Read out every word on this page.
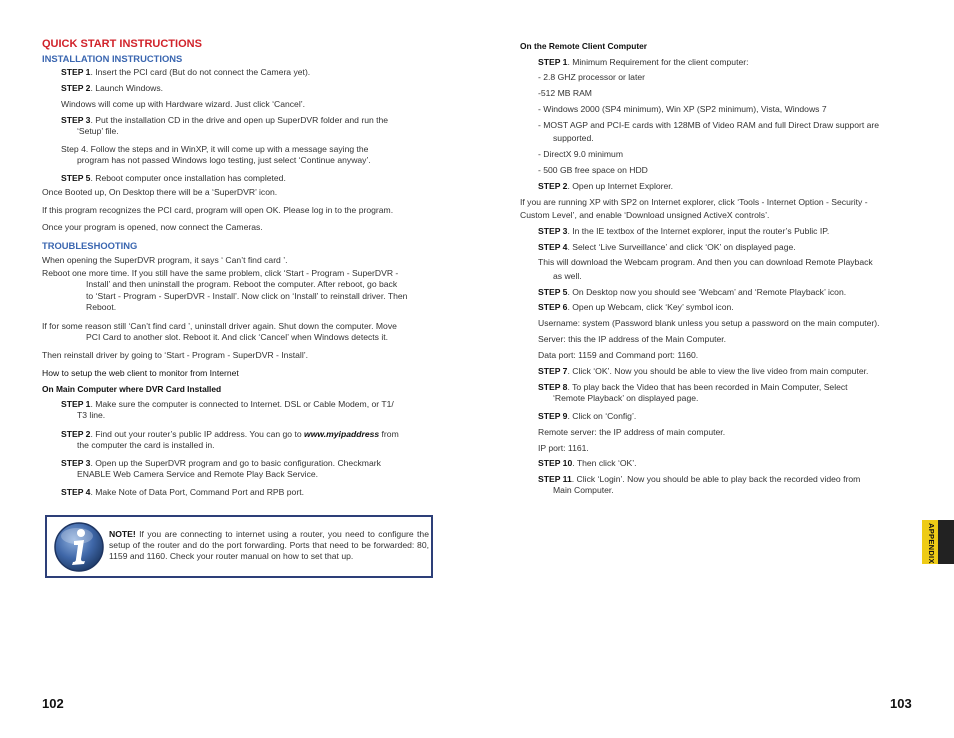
QUICK START INSTRUCTIONS
INSTALLATION INSTRUCTIONS
STEP 1. Insert the PCI card (But do not connect the Camera yet).
STEP 2. Launch Windows.
Windows will come up with Hardware wizard. Just click ‘Cancel’.
STEP 3. Put the installation CD in the drive and open up SuperDVR folder and run the
‘Setup’ file.
Step 4. Follow the steps and in WinXP, it will come up with a message saying the
program has not passed Windows logo testing, just select ‘Continue anyway’.
STEP 5. Reboot computer once installation has completed.
Once Booted up, On Desktop there will be a ‘SuperDVR’ icon.
If this program recognizes the PCI card, program will open OK. Please log in to the program.
Once your program is opened, now connect the Cameras.
TROUBLESHOOTING
When opening the SuperDVR program, it says ‘ Can’t find card ’.
Reboot one more time. If you still have the same problem, click ‘Start - Program - SuperDVR -
Install’ and then uninstall the program. Reboot the computer. After reboot, go back
to ‘Start - Program - SuperDVR - Install’. Now click on ‘Install’ to reinstall driver. Then
Reboot.
If for some reason still ‘Can’t find card ’, uninstall driver again. Shut down the computer. Move
PCI Card to another slot. Reboot it. And click ‘Cancel’ when Windows detects it.
Then reinstall driver by going to ‘Start - Program - SuperDVR - Install’.
How to setup the web client to monitor from Internet
On Main Computer where DVR Card Installed
STEP 1. Make sure the computer is connected to Internet. DSL or Cable Modem, or T1/
T3 line.
STEP 2. Find out your router’s public IP address. You can go to www.myipaddress from
the computer the card is installed in.
STEP 3. Open up the SuperDVR program and go to basic configuration. Checkmark
ENABLE Web Camera Service and Remote Play Back Service.
STEP 4. Make Note of Data Port, Command Port and RPB port.
NOTE! If you are connecting to internet using a router, you need to configure the setup of the router and do the port forwarding. Ports that need to be forwarded: 80, 1159 and 1160. Check your router manual on how to set that up.
102
On the Remote Client Computer
STEP 1. Minimum Requirement for the client computer:
- 2.8 GHZ processor or later
-512 MB RAM
- Windows 2000 (SP4 minimum), Win XP (SP2 minimum), Vista, Windows 7
- MOST AGP and PCI-E cards with 128MB of Video RAM and full Direct Draw support are
supported.
- DirectX 9.0 minimum
- 500 GB free space on HDD
STEP 2. Open up Internet Explorer.
If you are running XP with SP2 on Internet explorer, click ‘Tools - Internet Option - Security -
Custom Level’, and enable ‘Download unsigned ActiveX controls’.
STEP 3. In the IE textbox of the Internet explorer, input the router’s Public IP.
STEP 4. Select ‘Live Surveillance’ and click ‘OK’ on displayed page.
This will download the Webcam program. And then you can download Remote Playback
as well.
STEP 5. On Desktop now you should see ‘Webcam’ and ‘Remote Playback’ icon.
STEP 6. Open up Webcam, click ‘Key’ symbol icon.
Username: system (Password blank unless you setup a password on the main computer).
Server: this the IP address of the Main Computer.
Data port: 1159 and Command port: 1160.
STEP 7. Click ‘OK’. Now you should be able to view the live video from main computer.
STEP 8. To play back the Video that has been recorded in Main Computer, Select
‘Remote Playback’ on displayed page.
STEP 9. Click on ‘Config’.
Remote server: the IP address of main computer.
IP port: 1161.
STEP 10. Then click ‘OK’.
STEP 11. Click ‘Login’. Now you should be able to play back the recorded video from
Main Computer.
APPENDIX
103
